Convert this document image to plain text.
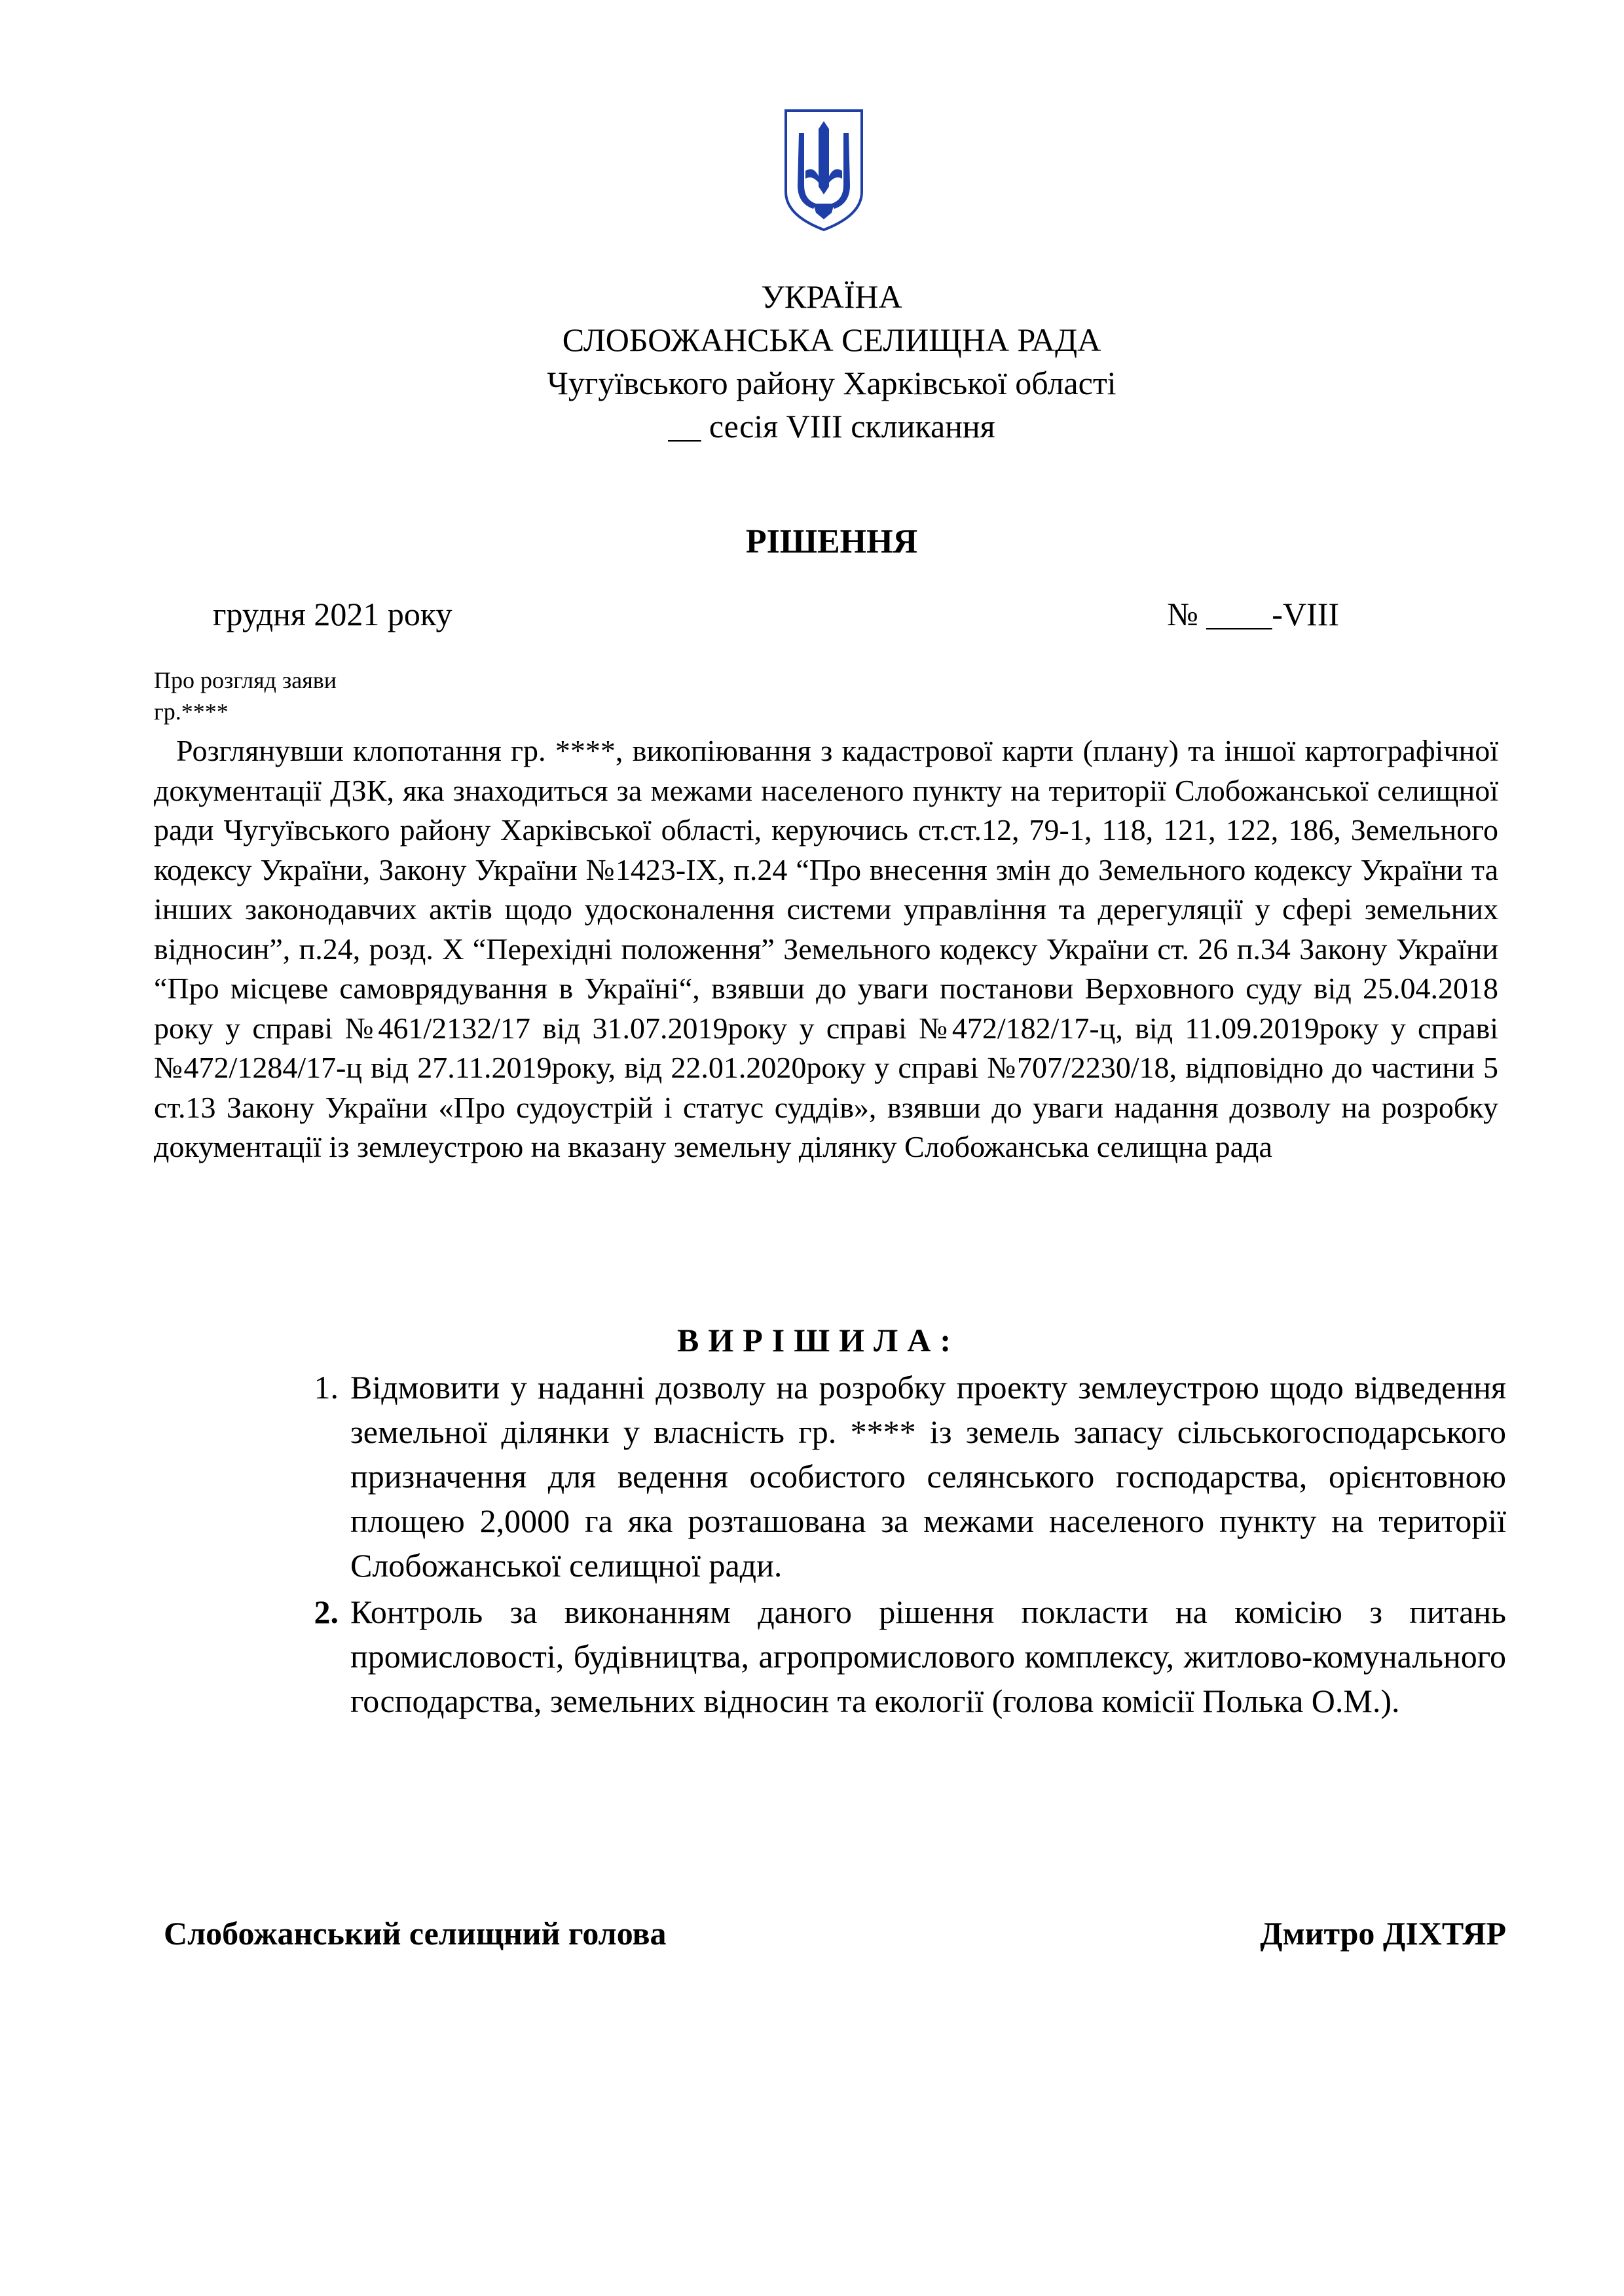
УКРАЇНА
СЛОБОЖАНСЬКА СЕЛИЩНА РАДА
Чугуївського району Харківської області
__ сесія VIII скликання
РІШЕННЯ
грудня 2021 року	№ ____-VIII
Про розгляд заяви
гр.****

Розглянувши клопотання гр. ****, викопіювання з кадастрової карти (плану) та іншої картографічної документації ДЗК, яка знаходиться за межами населеного пункту на території Слобожанської селищної ради Чугуївського району Харківської області, керуючись ст.ст.12, 79-1, 118, 121, 122, 186, Земельного кодексу України, Закону України №1423-IX, п.24 “Про внесення змін до Земельного кодексу України та інших законодавчих актів щодо удосконалення системи управління та дерегуляції у сфері земельних відносин”, п.24, розд. X “Перехідні положення” Земельного кодексу України ст. 26 п.34 Закону України “Про місцеве самоврядування в Україні“, взявши до уваги постанови Верховного суду від 25.04.2018 року у справі №461/2132/17 від 31.07.2019року у справі №472/182/17-ц, від 11.09.2019року у справі №472/1284/17-ц від 27.11.2019року, від 22.01.2020року у справі №707/2230/18, відповідно до частини 5 ст.13 Закону України «Про судоустрій і статус суддів», взявши до уваги надання дозволу на розробку документації із землеустрою на вказану земельну ділянку Слобожанська селищна рада

ВИРІШИЛА:
1. Відмовити у наданні дозволу на розробку проекту землеустрою щодо відведення земельної ділянки у власність гр. **** із земель запасу сільськогосподарського призначення для ведення особистого селянського господарства, орієнтовною площею 2,0000 га яка розташована за межами населеного пункту на території Слобожанської селищної ради.
2. Контроль за виконанням даного рішення покласти на комісію з питань промисловості, будівництва, агропромислового комплексу, житлово-комунального господарства, земельних відносин та екології (голова комісії Полька О.М.).
Слобожанський селищний голова	Дмитро ДІХТЯР
